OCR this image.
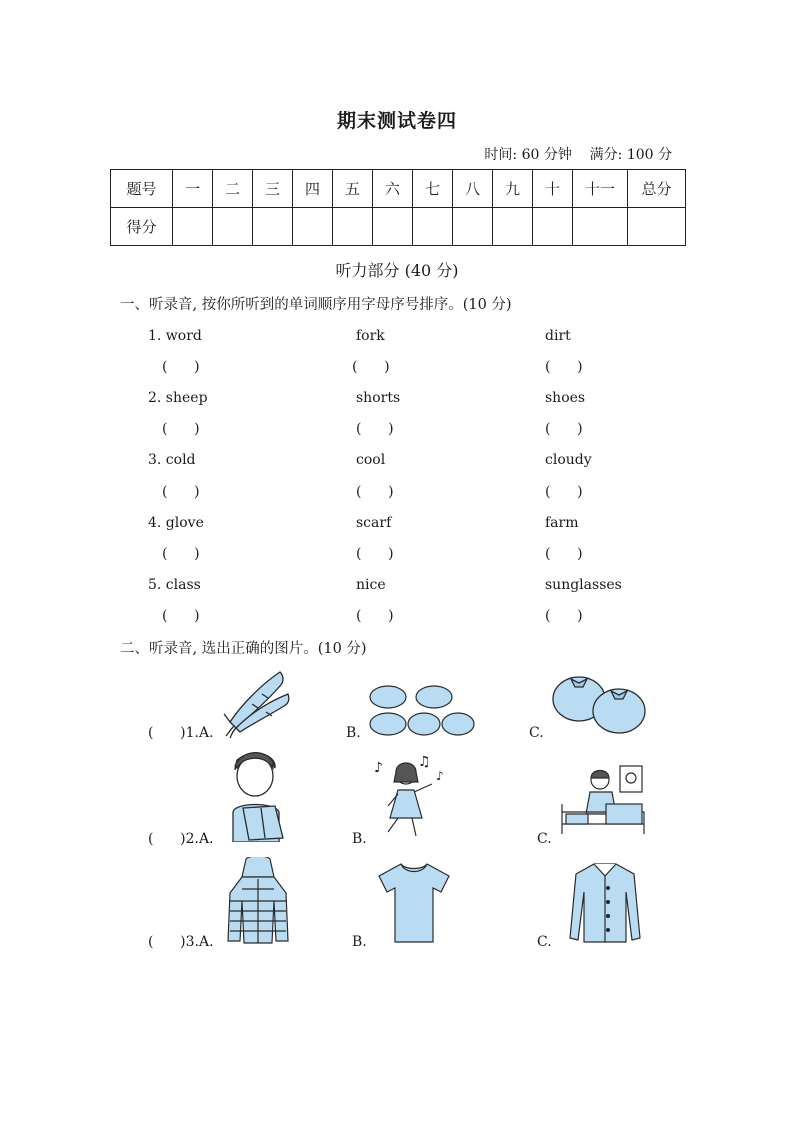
期末测试卷四
时间: 60 分钟    满分: 100 分
题号	一	二	三	四	五	六	七	八	九	十	十一	总分
得分												
听力部分 (40 分)
一、听录音, 按你所听到的单词顺序用字母序号排序。(10 分)
1. word	fork	dirt
(      )	(      )	(      )
2. sheep	shorts	shoes
(      )	(      )	(      )
3. cold	cool	cloudy
(      )	(      )	(      )
4. glove	scarf	farm
(      )	(      )	(      )
5. class	nice	sunglasses
(      )	(      )	(      )
二、听录音, 选出正确的图片。(10 分)
(      )1.A.	B.	C.
(      )2.A.	B.	C.
♪	♫
♪
(      )3.A.	B.	C.
